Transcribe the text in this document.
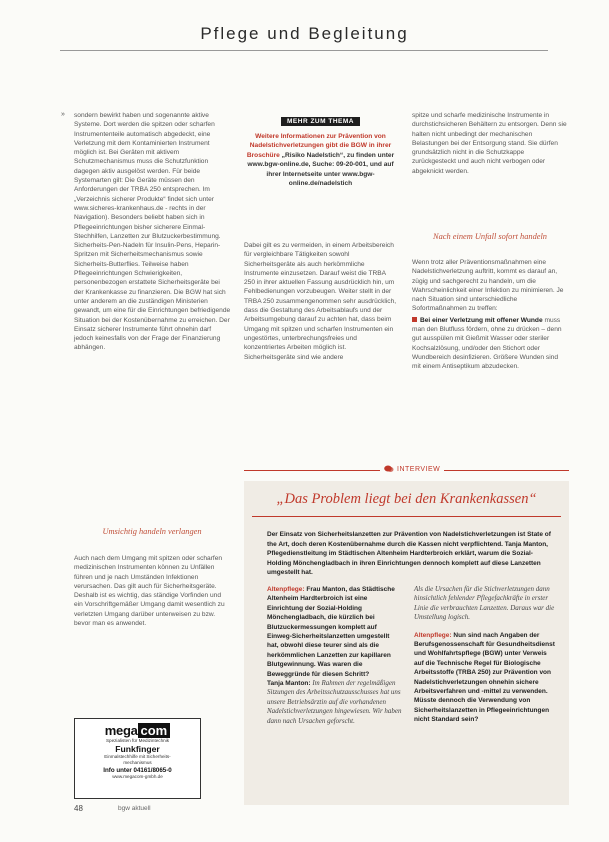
Pflege und Begleitung
» sondern bewirkt haben und sogenannte aktive Systeme. Dort werden die spitzen oder scharfen Instrumententeile automatisch abgedeckt, eine Verletzung mit dem Kontaminierten Instrument möglich ist. Bei Geräten mit aktivem Schutzmechanismus muss die Schutzfunktion dagegen aktiv ausgelöst werden. Für beide Systemarten gilt: Die Geräte müssen den Anforderungen der TRBA 250 entsprechen. Im „Verzeichnis sicherer Produkte“ findet sich unter www.sicheres-krankenhaus.de - rechts in der Navigation). Besonders beliebt haben sich in Pflegeeinrichtungen bisher sicherere Einmal-Stechhilfen, Lanzetten zur Blutzuckerbestimmung. Sicherheits-Pen-Nadeln für Insulin-Pens, Heparin-Spritzen mit Sicherheitsmechanismus sowie Sicherheits-Butterflies. Teilweise haben Pflegeeinrichtungen Schwierigkeiten, personenbezogen erstattete Sicherheitsgeräte bei der Krankenkasse zu finanzieren. Die BGW hat sich unter anderem an die zuständigen Ministerien gewandt, um eine für die Einrichtungen befriedigende Situation bei der Kostenübernahme zu erreichen. Der Einsatz sicherer Instrumente führt ohnehin darf jedoch keinesfalls von der Frage der Finanzierung abhängen.

Umsichtig handeln verlangen

Auch nach dem Umgang mit spitzen oder scharfen medizinischen Instrumenten können zu Unfällen führen und je nach Umständen Infektionen verursachen. Das gilt auch für Sicherheitsgeräte. Deshalb ist es wichtig, das ständige Vorfinden und ein Vorschriftgemäßer Umgang damit wesentlich zu verletzten Umgang darüber unterweisen zu bzw. bevor man es anwendet.

mega com
Spezialisten für Medizintechnik
Funkfinger
Einmalstechhilfe mit Sicherheits-
mechanismus
Info unter 04161/8065-0
www.megacom-gmbh.de
48	bgw aktuell
MEHR ZUM THEMA
Weitere Informationen zur Prävention von Nadelstichverletzungen gibt die BGW in ihrer Broschüre „Risiko Nadelstich“, zu finden unter www.bgw-online.de, Suche: 09-20-001, und auf ihrer Internetseite unter www.bgw-online.de/nadelstich

Dabei gilt es zu vermeiden, in einem Arbeitsbereich für vergleichbare Tätigkeiten sowohl Sicherheitsgeräte als auch herkömmliche Instrumente einzusetzen. Darauf weist die TRBA 250 in ihrer aktuellen Fassung ausdrücklich hin, um Fehlbedienungen vorzubeugen. Weiter stellt in der TRBA 250 zusammengenommen sehr ausdrücklich, dass die Gestaltung des Arbeitsablaufs und der Arbeitsumgebung darauf zu achten hat, dass beim Umgang mit spitzen und scharfen Instrumenten ein ungestörtes, unterbrechungsfreies und konzentriertes Arbeiten möglich ist. Sicherheitsgeräte sind wie andere

spitze und scharfe medizinische Instrumente in durchstichsicheren Behältern zu entsorgen. Denn sie halten nicht unbedingt der mechanischen Belastungen bei der Entsorgung stand. Sie dürfen grundsätzlich nicht in die Schutzkappe zurückgesteckt und auch nicht verbogen oder abgeknickt werden.

Nach einem Unfall sofort handeln

Wenn trotz aller Präventionsmaßnahmen eine Nadelstichverletzung auftritt, kommt es darauf an, zügig und sachgerecht zu handeln, um die Wahrscheinlichkeit einer Infektion zu minimieren. Je nach Situation sind unterschiedliche Sofortmaßnahmen zu treffen:

Bei einer Verletzung mit offener Wunde muss man den Blutfluss fördern, ohne zu drücken – denn gut ausspülen mit Gießmit Wasser oder steriler Kochsalzlösung, und/oder den Stichort oder Wundbereich desinfizieren. Größere Wunden sind mit einem Antiseptikum abzudecken.

INTERVIEW
„Das Problem liegt bei den Krankenkassen“

Der Einsatz von Sicherheitslanzetten zur Prävention von Nadelstichverletzungen ist State of the Art, doch deren Kostenübernahme durch die Kassen nicht verpflichtend. Tanja Manton, Pflegedienstleitung im Städtischen Altenheim Hardterbroich erklärt, warum die Sozial-Holding Mönchengladbach in ihren Einrichtungen dennoch komplett auf diese Lanzetten umgestellt hat.

Altenpflege: Frau Manton, das Städtische Altenheim Hardterbroich ist eine Einrichtung der Sozial-Holding Mönchengladbach, die kürzlich bei Blutzuckermessungen komplett auf Einweg-Sicherheitslanzetten umgestellt hat, obwohl diese teurer sind als die herkömmlichen Lanzetten zur kapillaren Blutgewinnung. Was waren die Beweggründe für diesen Schritt?

Tanja Manton: Im Rahmen der regelmäßigen Sitzungen des Arbeitsschutzausschusses hat uns unsere Betriebsärztin auf die vorhandenen Nadelstichverletzungen hingewiesen. Wir haben dann nach Ursachen geforscht.

Als die Ursachen für die Stichverletzungen dann hinsichtlich fehlender Pflegefachkräfte in erster Linie die verbrauchten Lanzetten. Daraus war die Umstellung logisch.

Altenpflege: Nun sind nach Angaben der Berufsgenossenschaft für Gesundheitsdienst und Wohlfahrtspflege (BGW) unter Verweis auf die Technische Regel für Biologische Arbeitsstoffe (TRBA 250) zur Prävention von Nadelstichverletzungen ohnehin sichere Arbeitsverfahren und -mittel zu verwenden. Müsste dennoch die Verwendung von Sicherheitslanzetten in Pflegeeinrichtungen nicht Standard sein?
